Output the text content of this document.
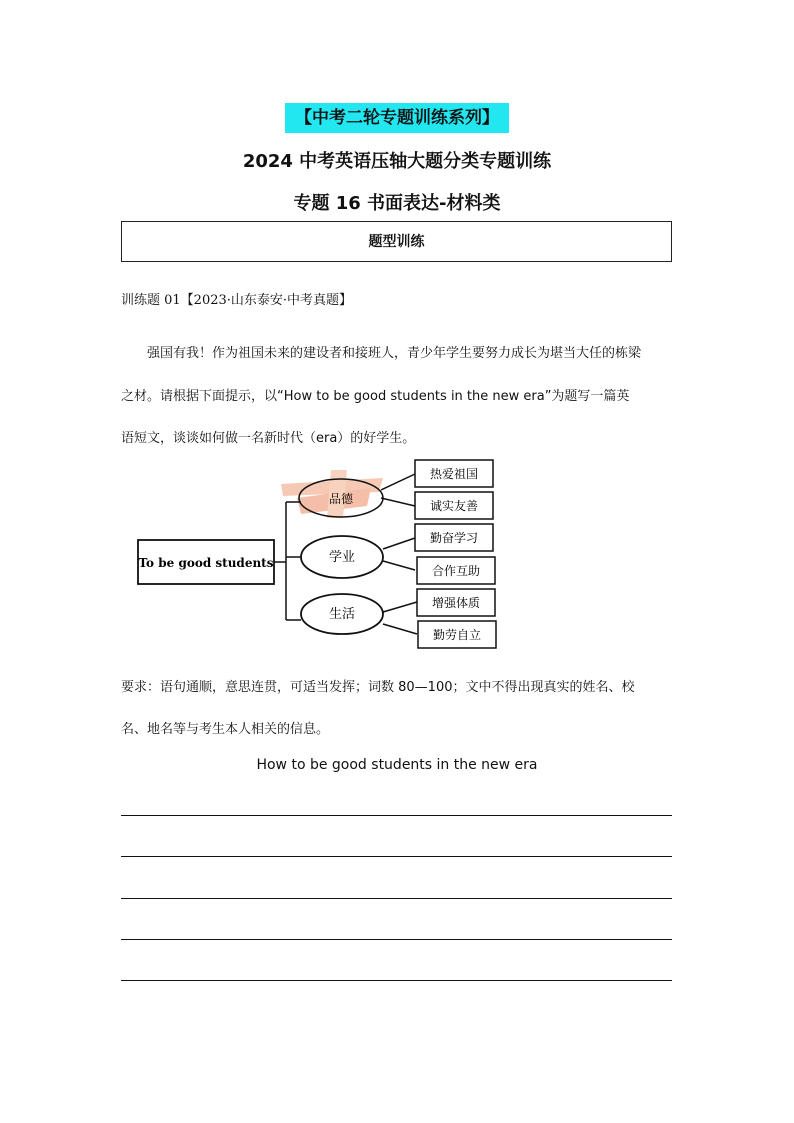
【中考二轮专题训练系列】
2024 中考英语压轴大题分类专题训练
专题 16 书面表达-材料类
题型训练
训练题 01【2023·山东泰安·中考真题】
强国有我！作为祖国未来的建设者和接班人，青少年学生要努力成长为堪当大任的栋梁
之材。请根据下面提示，以“How to be good students in the new era”为题写一篇英
语短文，谈谈如何做一名新时代（era）的好学生。
To be good students
品德
学业
生活
热爱祖国
诚实友善
勤奋学习
合作互助
增强体质
勤劳自立
要求：语句通顺，意思连贯，可适当发挥；词数 80—100；文中不得出现真实的姓名、校
名、地名等与考生本人相关的信息。
How to be good students in the new era
